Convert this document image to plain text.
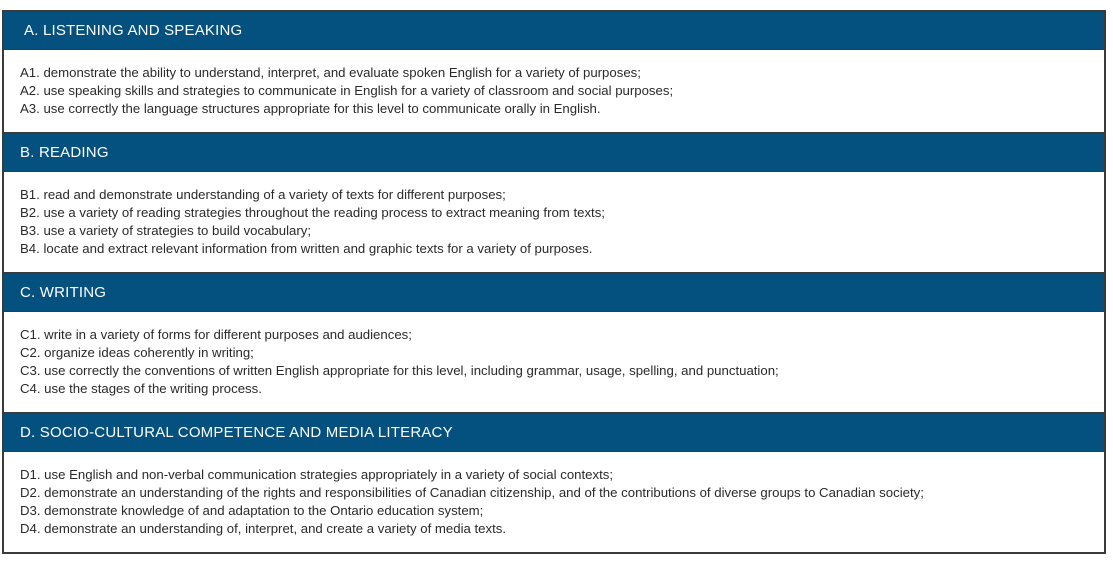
A. LISTENING AND SPEAKING
A1. demonstrate the ability to understand, interpret, and evaluate spoken English for a variety of purposes;
A2. use speaking skills and strategies to communicate in English for a variety of classroom and social purposes;
A3. use correctly the language structures appropriate for this level to communicate orally in English.
B. READING
B1. read and demonstrate understanding of a variety of texts for different purposes;
B2. use a variety of reading strategies throughout the reading process to extract meaning from texts;
B3. use a variety of strategies to build vocabulary;
B4. locate and extract relevant information from written and graphic texts for a variety of purposes.
C. WRITING
C1. write in a variety of forms for different purposes and audiences;
C2. organize ideas coherently in writing;
C3. use correctly the conventions of written English appropriate for this level, including grammar, usage, spelling, and punctuation;
C4. use the stages of the writing process.
D. SOCIO-CULTURAL COMPETENCE AND MEDIA LITERACY
D1. use English and non-verbal communication strategies appropriately in a variety of social contexts;
D2. demonstrate an understanding of the rights and responsibilities of Canadian citizenship, and of the contributions of diverse groups to Canadian society;
D3. demonstrate knowledge of and adaptation to the Ontario education system;
D4. demonstrate an understanding of, interpret, and create a variety of media texts.
